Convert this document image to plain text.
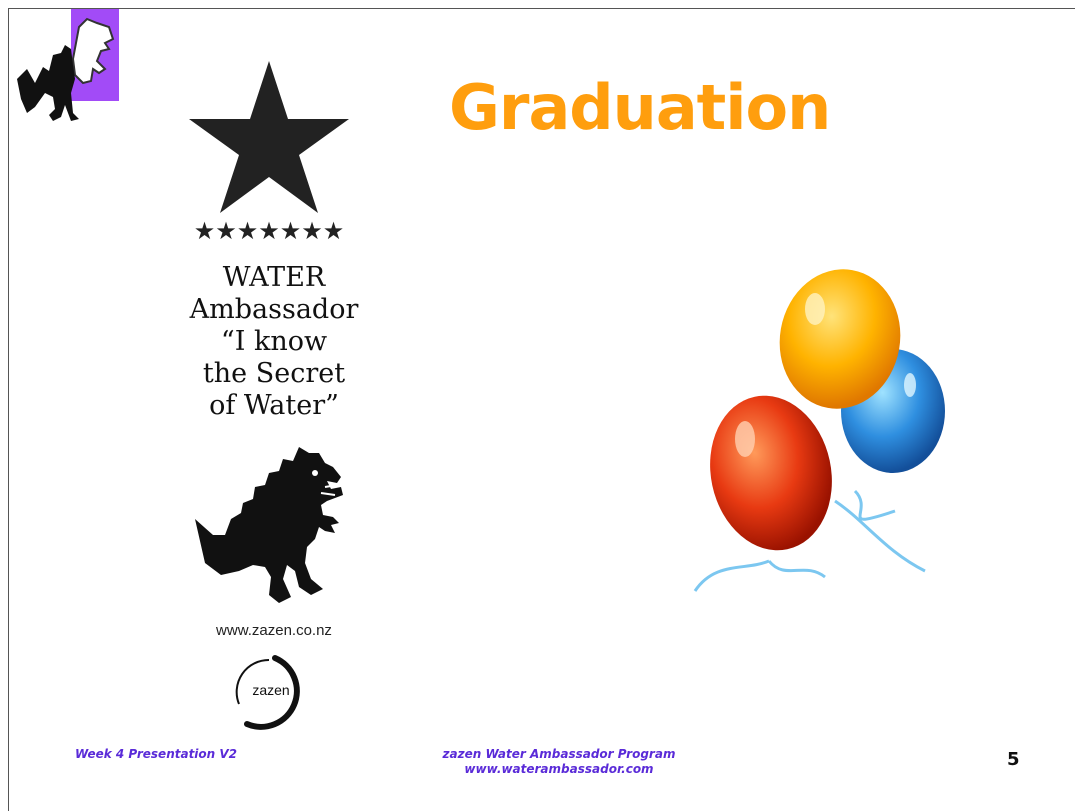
Graduation
★★★★★★★
WATER
Ambassador
“I know
the Secret
of Water”
www.zazen.co.nz
zazen
Week 4 Presentation V2	zazen Water Ambassador Program
www.waterambassador.com	5
